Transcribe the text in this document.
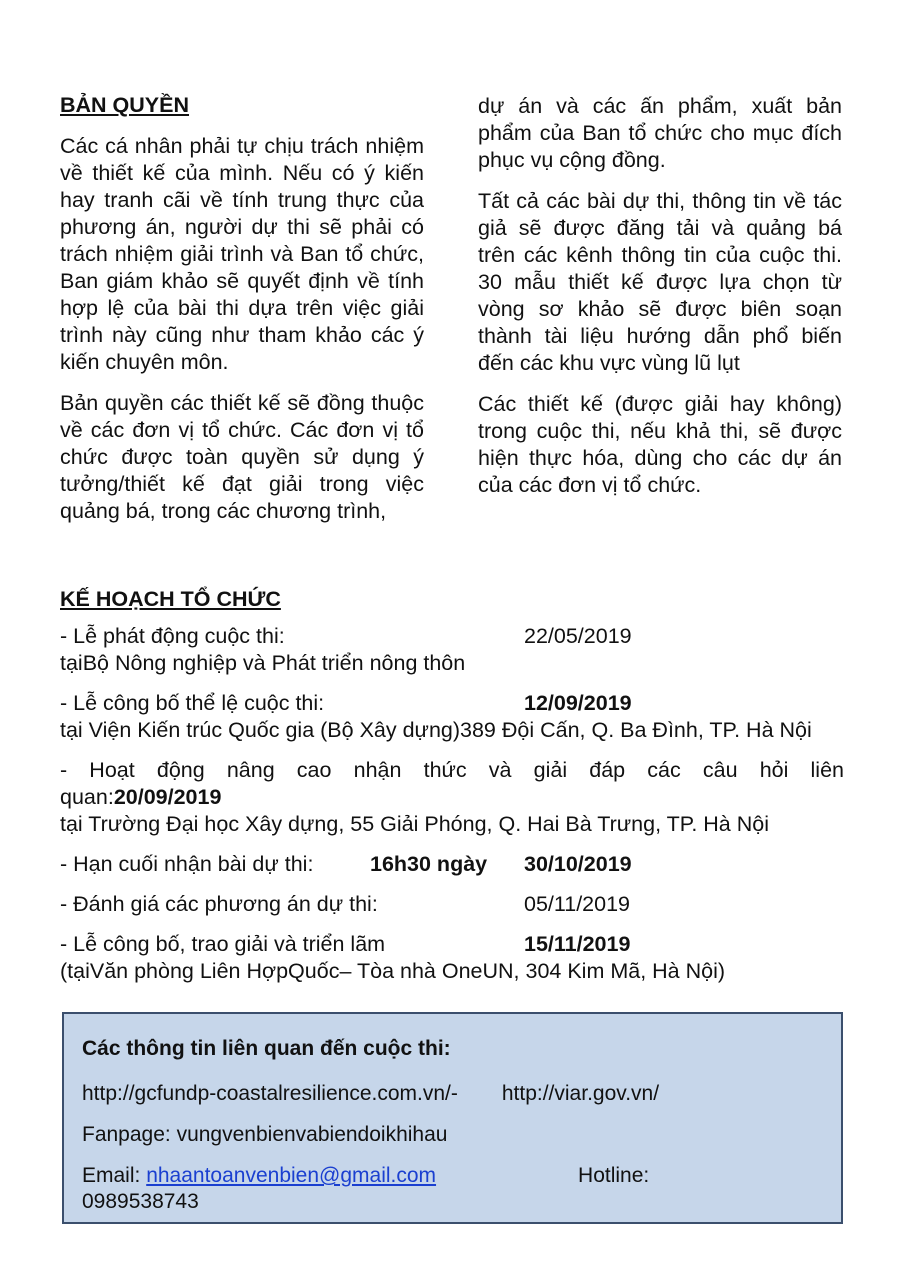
BẢN QUYỀN

Các cá nhân phải tự chịu trách nhiệm về thiết kế của mình. Nếu có ý kiến hay tranh cãi về tính trung thực của phương án, người dự thi sẽ phải có trách nhiệm giải trình và Ban tổ chức, Ban giám khảo sẽ quyết định về tính hợp lệ của bài thi dựa trên việc giải trình này cũng như tham khảo các ý kiến chuyên môn.

Bản quyền các thiết kế sẽ đồng thuộc về các đơn vị tổ chức. Các đơn vị tổ chức được toàn quyền sử dụng ý tưởng/thiết kế đạt giải trong việc quảng bá, trong các chương trình,

dự án và các ấn phẩm, xuất bản phẩm của Ban tổ chức cho mục đích phục vụ cộng đồng.

Tất cả các bài dự thi, thông tin về tác giả sẽ được đăng tải và quảng bá trên các kênh thông tin của cuộc thi. 30 mẫu thiết kế được lựa chọn từ vòng sơ khảo sẽ được biên soạn thành tài liệu hướng dẫn phổ biến đến các khu vực vùng lũ lụt

Các thiết kế (được giải hay không) trong cuộc thi, nếu khả thi, sẽ được hiện thực hóa, dùng cho các dự án của các đơn vị tổ chức.

KẾ HOẠCH TỔ CHỨC
- Lễ phát động cuộc thi:	22/05/2019
tạiBộ Nông nghiệp và Phát triển nông thôn
- Lễ công bố thể lệ cuộc thi:	12/09/2019
tại Viện Kiến trúc Quốc gia (Bộ Xây dựng)389 Đội Cấn, Q. Ba Đình, TP. Hà Nội
- Hoạt động nâng cao nhận thức và giải đáp các câu hỏi liên
quan:20/09/2019
tại Trường Đại học Xây dựng, 55 Giải Phóng, Q. Hai Bà Trưng, TP. Hà Nội
- Hạn cuối nhận bài dự thi:	16h30 ngày 30/10/2019
- Đánh giá các phương án dự thi:	05/11/2019
- Lễ công bố, trao giải và triển lãm	15/11/2019
(tạiVăn phòng Liên HợpQuốc– Tòa nhà OneUN, 304 Kim Mã, Hà Nội)
Các thông tin liên quan đến cuộc thi:
http://gcfundp-coastalresilience.com.vn/- http://viar.gov.vn/
Fanpage: vungvenbienvabiendoikhihau
Email: nhaantoanvenbien@gmail.com	Hotline:
0989538743
